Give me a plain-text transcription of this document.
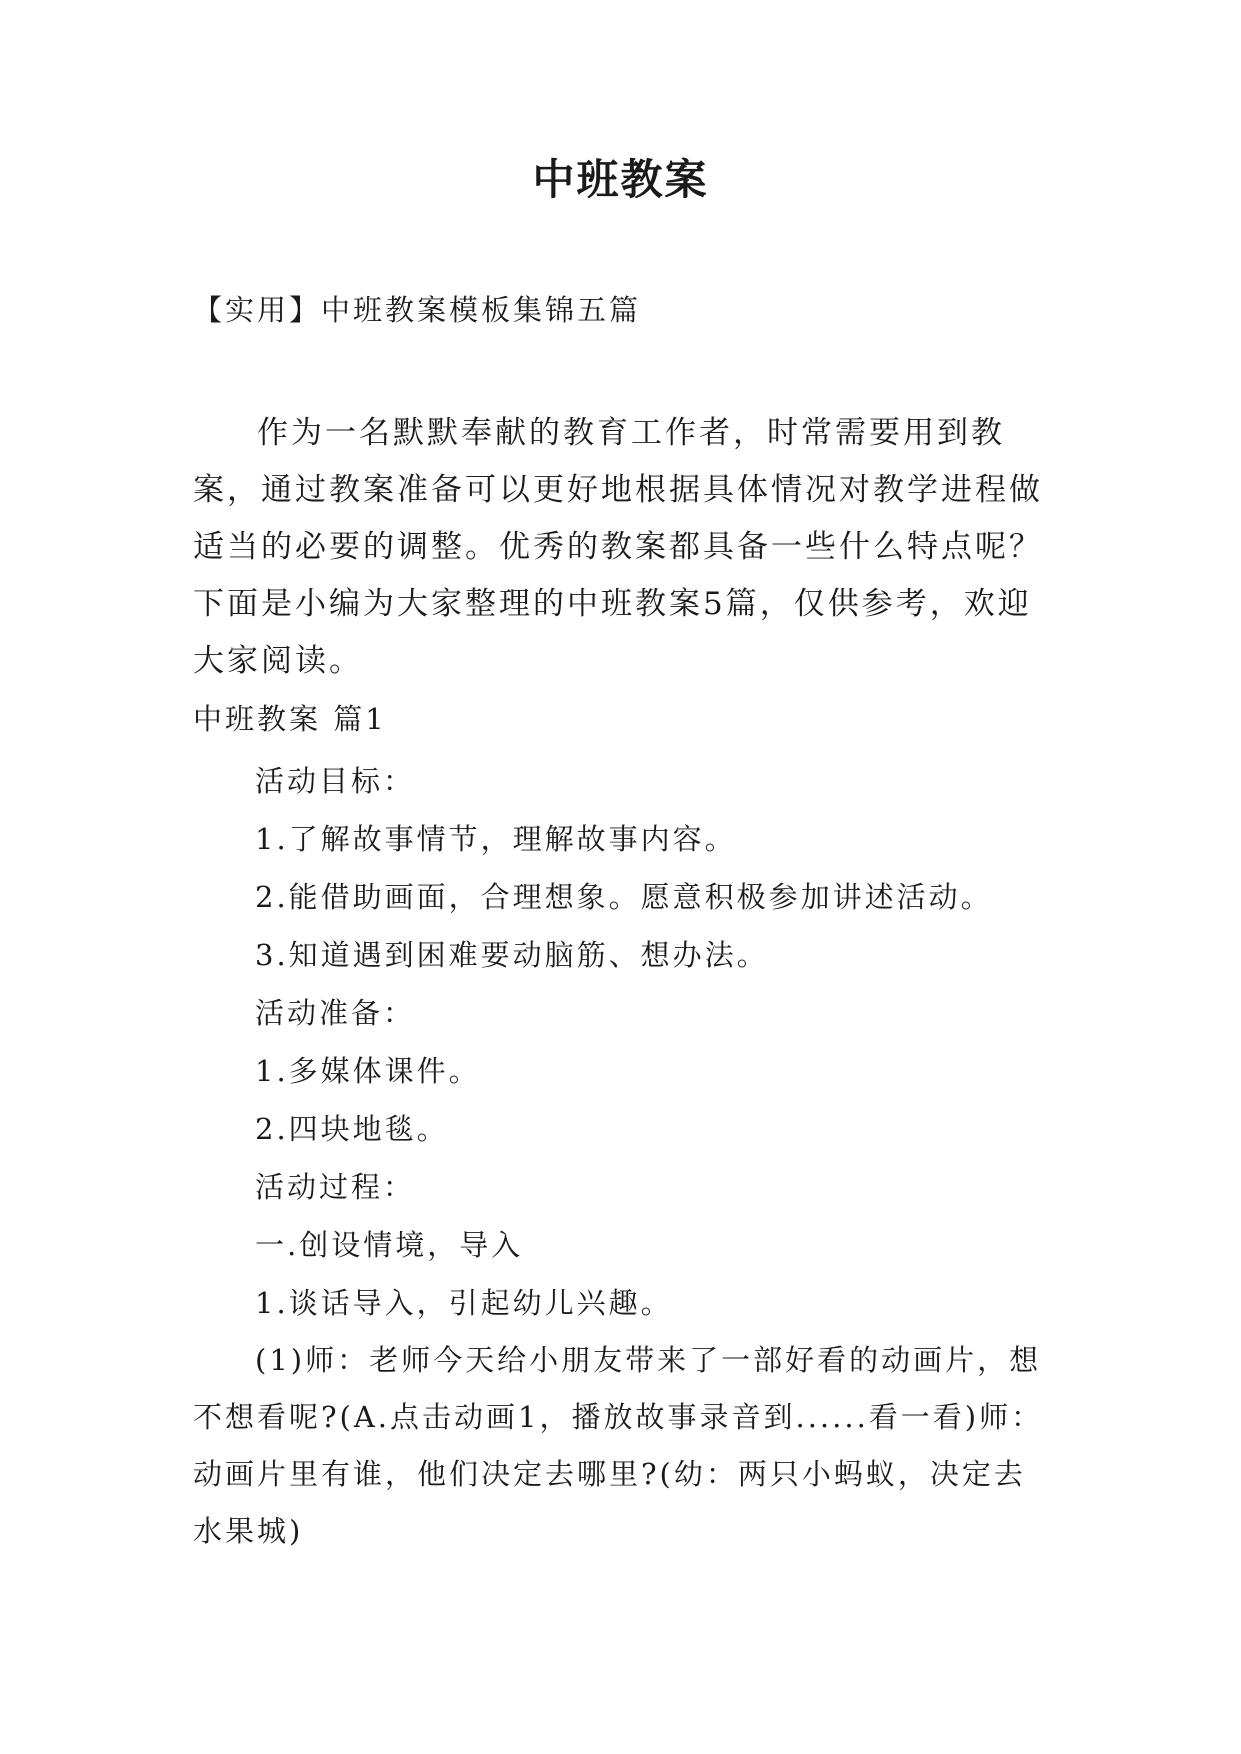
中班教案
【实用】中班教案模板集锦五篇

作为一名默默奉献的教育工作者，时常需要用到教案，通过教案准备可以更好地根据具体情况对教学进程做适当的必要的调整。优秀的教案都具备一些什么特点呢？下面是小编为大家整理的中班教案5篇，仅供参考，欢迎大家阅读。

中班教案 篇1

活动目标：

1.了解故事情节，理解故事内容。

2.能借助画面，合理想象。愿意积极参加讲述活动。

3.知道遇到困难要动脑筋、想办法。

活动准备：

1.多媒体课件。

2.四块地毯。

活动过程：

一.创设情境，导入

1.谈话导入，引起幼儿兴趣。

(1)师：老师今天给小朋友带来了一部好看的动画片，想不想看呢?(A.点击动画1，播放故事录音到......看一看)师：动画片里有谁，他们决定去哪里?(幼：两只小蚂蚁，决定去水果城)
